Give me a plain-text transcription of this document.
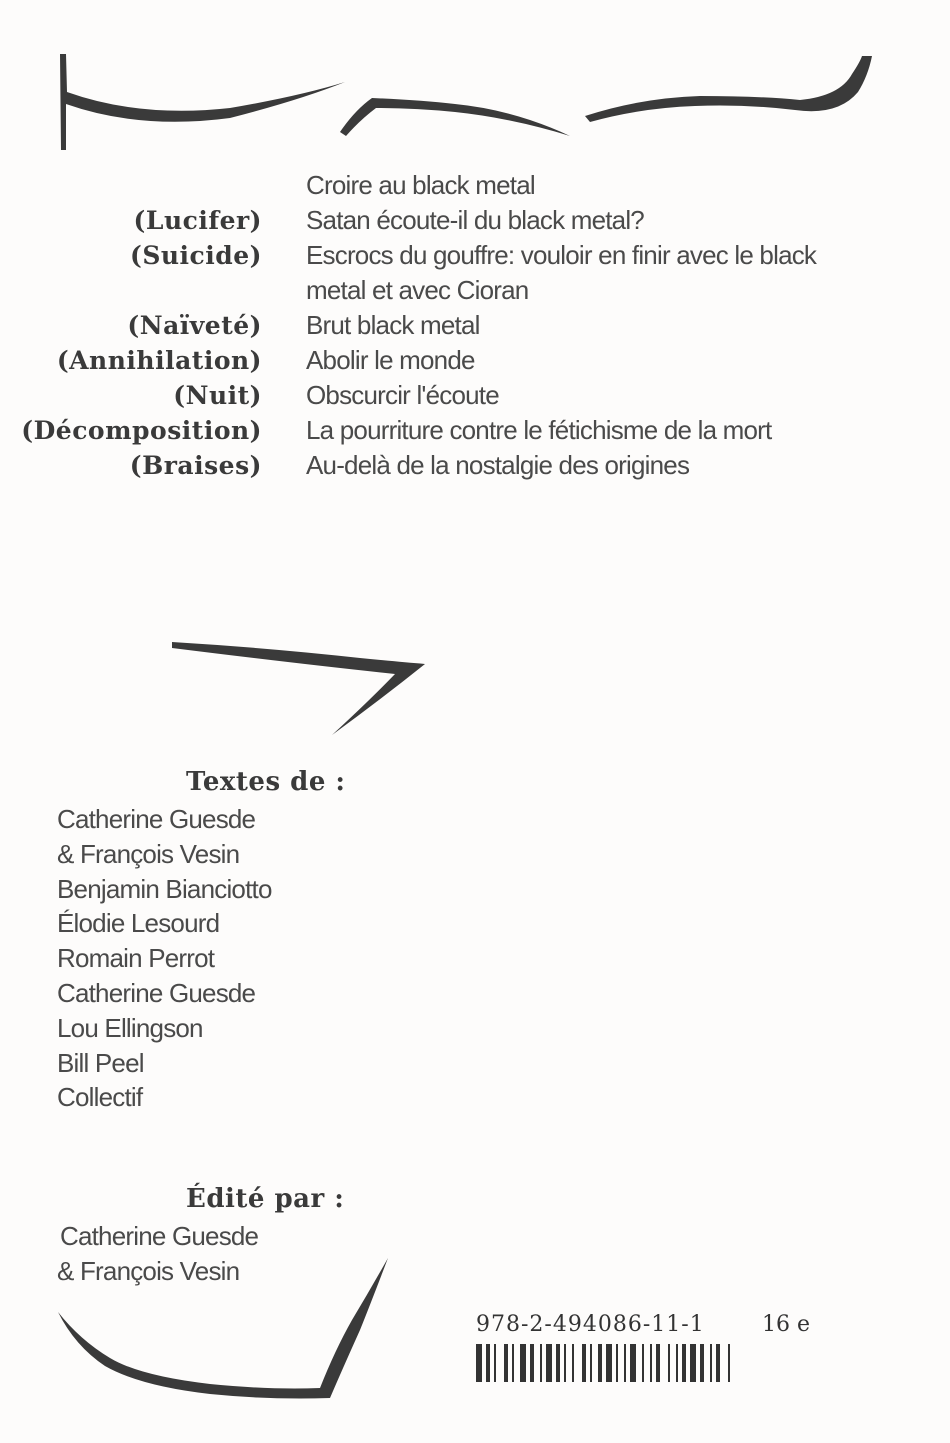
Croire au black metal
(Lucifer) Satan écoute-il du black metal?
(Suicide) Escrocs du gouffre: vouloir en finir avec le black metal et avec Cioran
(Naïveté) Brut black metal
(Annihilation) Abolir le monde
(Nuit) Obscurcir l'écoute
(Décomposition) La pourriture contre le fétichisme de la mort
(Braises) Au-delà de la nostalgie des origines
Textes de :
Catherine Guesde
& François Vesin
Benjamin Bianciotto
Élodie Lesourd
Romain Perrot
Catherine Guesde
Lou Ellingson
Bill Peel
Collectif
Édité par :
Catherine Guesde
& François Vesin
978-2-494086-11-1	16 e
